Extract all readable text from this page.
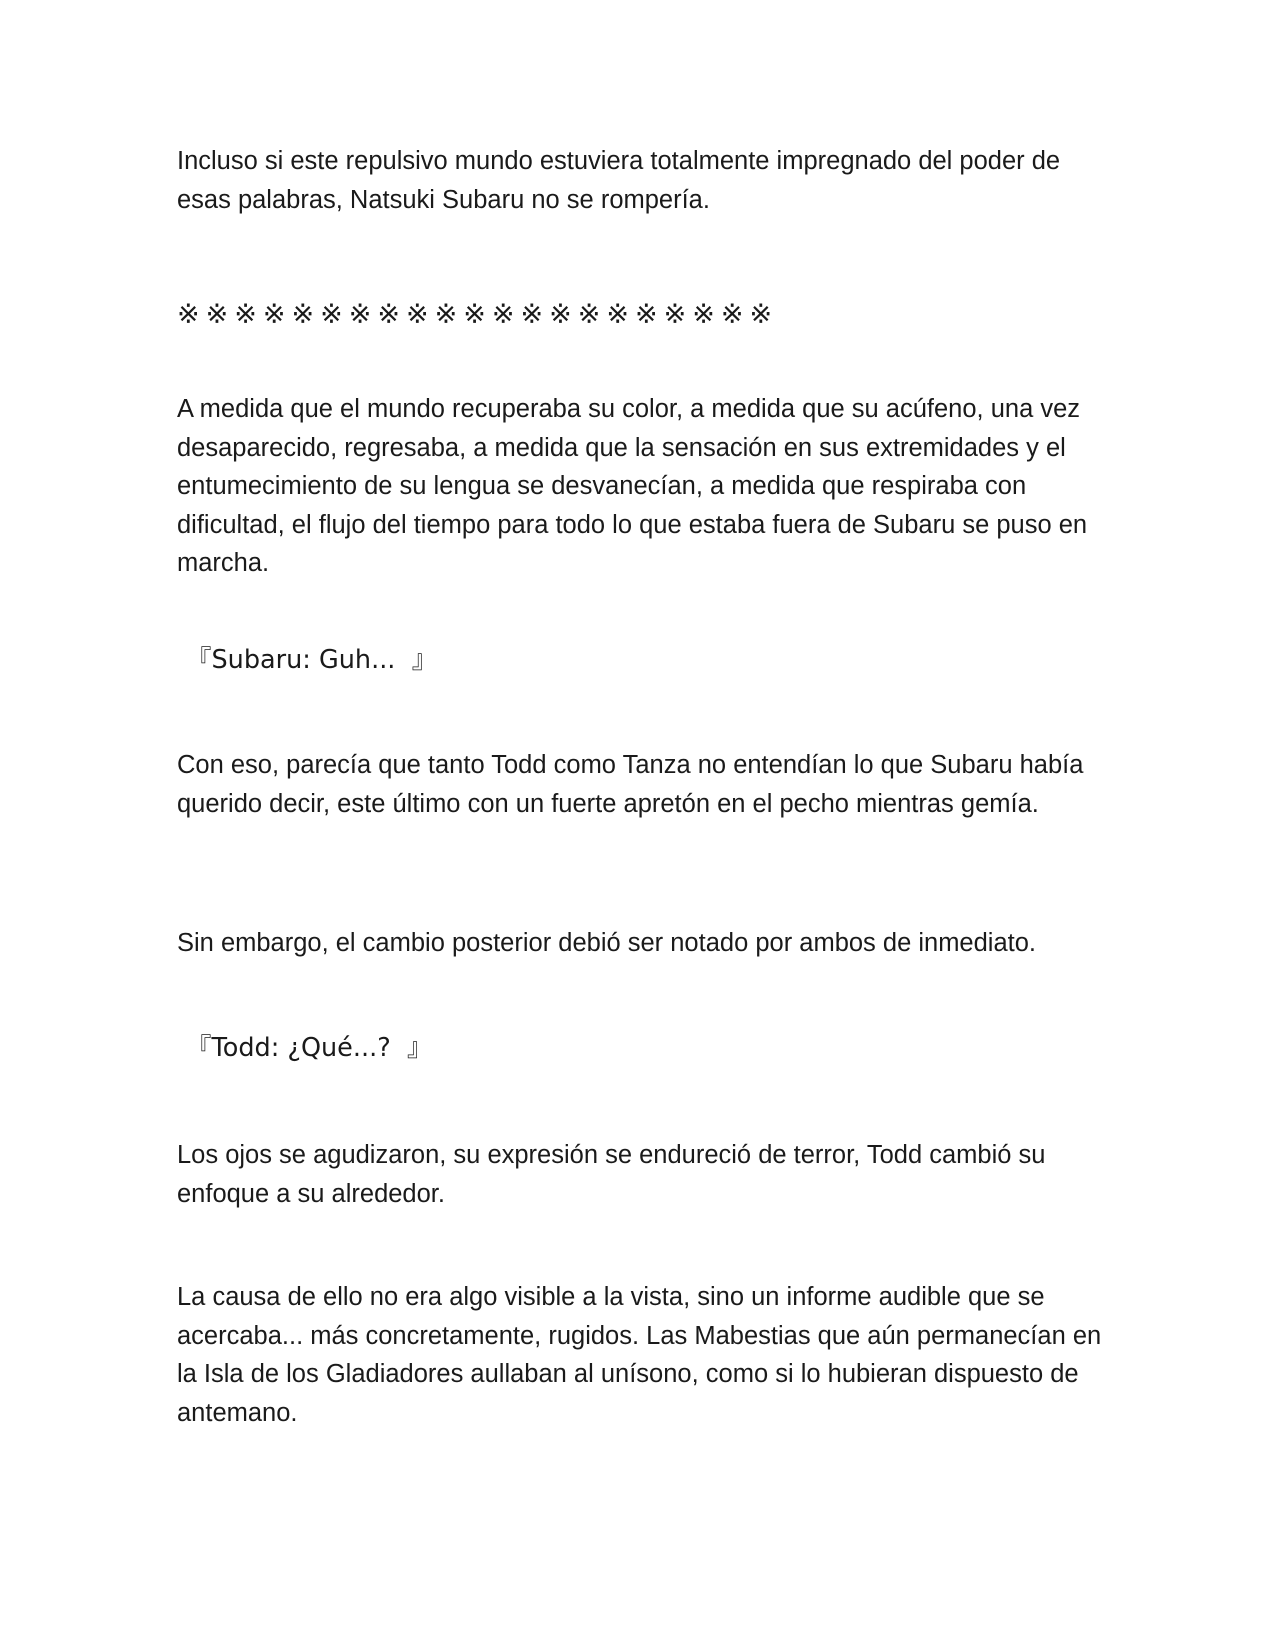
Incluso si este repulsivo mundo estuviera totalmente impregnado del poder de esas palabras, Natsuki Subaru no se rompería.

※※※※※※※※※※※※※※※※※※※※※

A medida que el mundo recuperaba su color, a medida que su acúfeno, una vez desaparecido, regresaba, a medida que la sensación en sus extremidades y el entumecimiento de su lengua se desvanecían, a medida que respiraba con dificultad, el flujo del tiempo para todo lo que estaba fuera de Subaru se puso en marcha.

『Subaru: Guh...  』

Con eso, parecía que tanto Todd como Tanza no entendían lo que Subaru había querido decir, este último con un fuerte apretón en el pecho mientras gemía.

Sin embargo, el cambio posterior debió ser notado por ambos de inmediato.

『Todd: ¿Qué...?  』

Los ojos se agudizaron, su expresión se endureció de terror, Todd cambió su enfoque a su alrededor.

La causa de ello no era algo visible a la vista, sino un informe audible que se acercaba... más concretamente, rugidos. Las Mabestias que aún permanecían en la Isla de los Gladiadores aullaban al unísono, como si lo hubieran dispuesto de antemano.
